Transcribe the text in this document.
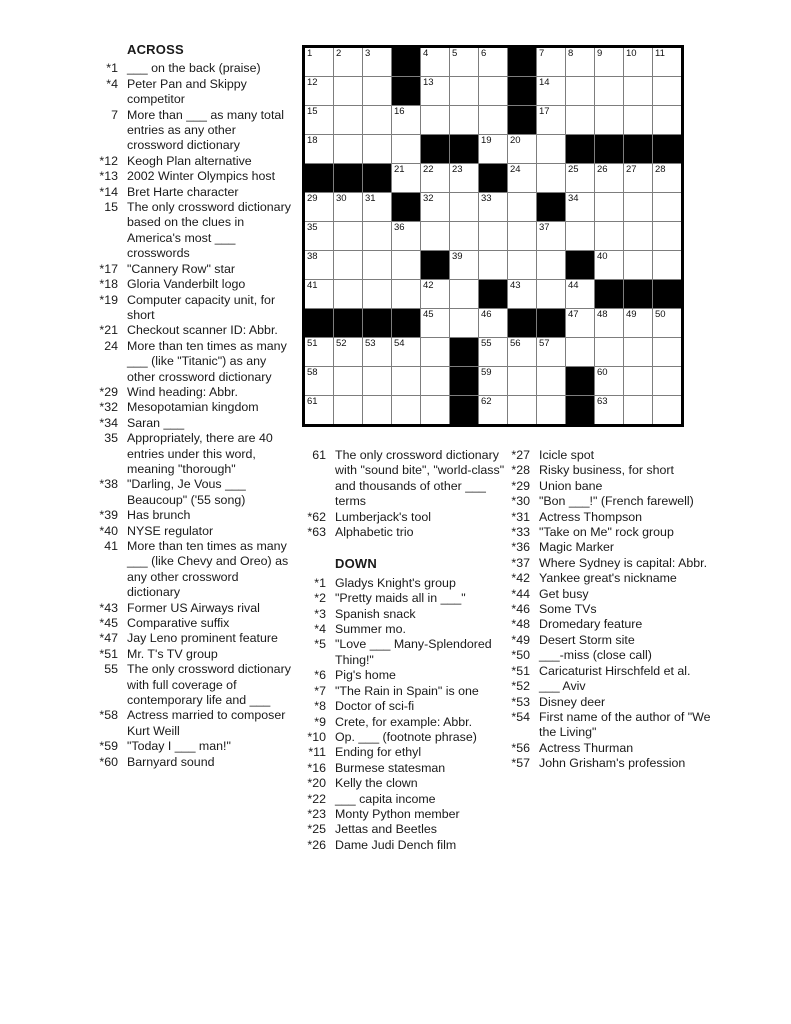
1 2 3	4 5 6	7 8 9 10 11
12	13	14
15	16	17
18	19 20
21 22 23	24	25 26 27 28
29 30 31	32	33	34
35	36	37
38	39	40
41	42	43	44
45	46	47 48 49 50
51 52 53 54	55 56 57
58	59	60
61	62	63
ACROSS
*1 ___ on the back (praise)
*4 Peter Pan and Skippy competitor
7 More than ___ as many total entries as any other crossword dictionary
*12 Keogh Plan alternative
*13 2002 Winter Olympics host
*14 Bret Harte character
15 The only crossword dictionary based on the clues in America's most ___ crosswords
*17 "Cannery Row" star
*18 Gloria Vanderbilt logo
*19 Computer capacity unit, for short
*21 Checkout scanner ID: Abbr.
24 More than ten times as many ___ (like "Titanic") as any other crossword dictionary
*29 Wind heading: Abbr.
*32 Mesopotamian kingdom
*34 Saran ___
35 Appropriately, there are 40 entries under this word, meaning "thorough"
*38 "Darling, Je Vous ___ Beaucoup" ('55 song)
*39 Has brunch
*40 NYSE regulator
41 More than ten times as many ___ (like Chevy and Oreo) as any other crossword dictionary
*43 Former US Airways rival
*45 Comparative suffix
*47 Jay Leno prominent feature
*51 Mr. T's TV group
55 The only crossword dictionary with full coverage of contemporary life and ___
*58 Actress married to composer Kurt Weill
*59 "Today I ___ man!"
*60 Barnyard sound
61 The only crossword dictionary with "sound bite", "world-class" and thousands of other ___ terms
*62 Lumberjack's tool
*63 Alphabetic trio
DOWN
*1 Gladys Knight's group
*2 "Pretty maids all in ___"
*3 Spanish snack
*4 Summer mo.
*5 "Love ___ Many-Splendored Thing!"
*6 Pig's home
*7 "The Rain in Spain" is one
*8 Doctor of sci-fi
*9 Crete, for example: Abbr.
*10 Op. ___ (footnote phrase)
*11 Ending for ethyl
*16 Burmese statesman
*20 Kelly the clown
*22 ___ capita income
*23 Monty Python member
*25 Jettas and Beetles
*26 Dame Judi Dench film
*27 Icicle spot
*28 Risky business, for short
*29 Union bane
*30 "Bon ___!" (French farewell)
*31 Actress Thompson
*33 "Take on Me" rock group
*36 Magic Marker
*37 Where Sydney is capital: Abbr.
*42 Yankee great's nickname
*44 Get busy
*46 Some TVs
*48 Dromedary feature
*49 Desert Storm site
*50 ___-miss (close call)
*51 Caricaturist Hirschfeld et al.
*52 ___ Aviv
*53 Disney deer
*54 First name of the author of "We the Living"
*56 Actress Thurman
*57 John Grisham's profession
